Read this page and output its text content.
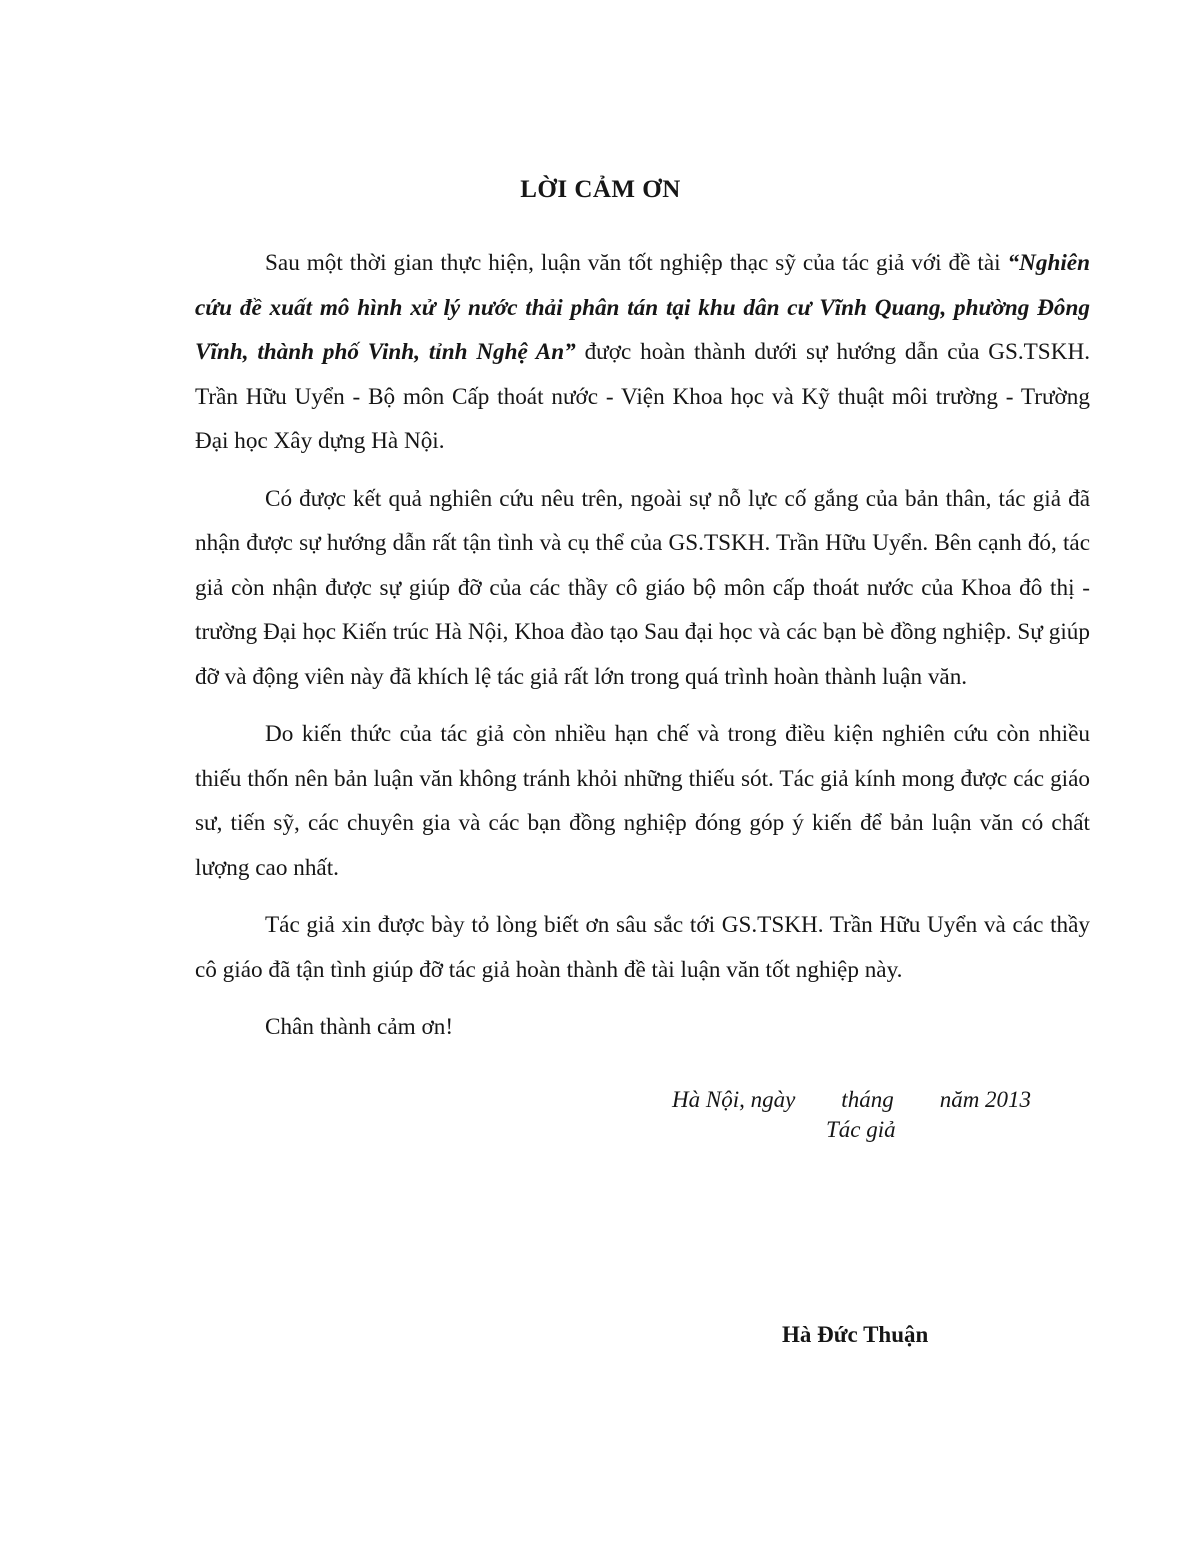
LỜI CẢM ƠN

Sau một thời gian thực hiện, luận văn tốt nghiệp thạc sỹ của tác giả với đề tài “Nghiên cứu đề xuất mô hình xử lý nước thải phân tán tại khu dân cư Vĩnh Quang, phường Đông Vĩnh, thành phố Vinh, tỉnh Nghệ An” được hoàn thành dưới sự hướng dẫn của GS.TSKH. Trần Hữu Uyển - Bộ môn Cấp thoát nước - Viện Khoa học và Kỹ thuật môi trường - Trường Đại học Xây dựng Hà Nội.

Có được kết quả nghiên cứu nêu trên, ngoài sự nỗ lực cố gắng của bản thân, tác giả đã nhận được sự hướng dẫn rất tận tình và cụ thể của GS.TSKH. Trần Hữu Uyển. Bên cạnh đó, tác giả còn nhận được sự giúp đỡ của các thầy cô giáo bộ môn cấp thoát nước của Khoa đô thị - trường Đại học Kiến trúc Hà Nội, Khoa đào tạo Sau đại học và các bạn bè đồng nghiệp. Sự giúp đỡ và động viên này đã khích lệ tác giả rất lớn trong quá trình hoàn thành luận văn.

Do kiến thức của tác giả còn nhiều hạn chế và trong điều kiện nghiên cứu còn nhiều thiếu thốn nên bản luận văn không tránh khỏi những thiếu sót. Tác giả kính mong được các giáo sư, tiến sỹ, các chuyên gia và các bạn đồng nghiệp đóng góp ý kiến để bản luận văn có chất lượng cao nhất.

Tác giả xin được bày tỏ lòng biết ơn sâu sắc tới GS.TSKH. Trần Hữu Uyển và các thầy cô giáo đã tận tình giúp đỡ tác giả hoàn thành đề tài luận văn tốt nghiệp này.

Chân thành cảm ơn!

Hà Nội, ngày        tháng        năm 2013
Tác giả
Hà Đức Thuận
